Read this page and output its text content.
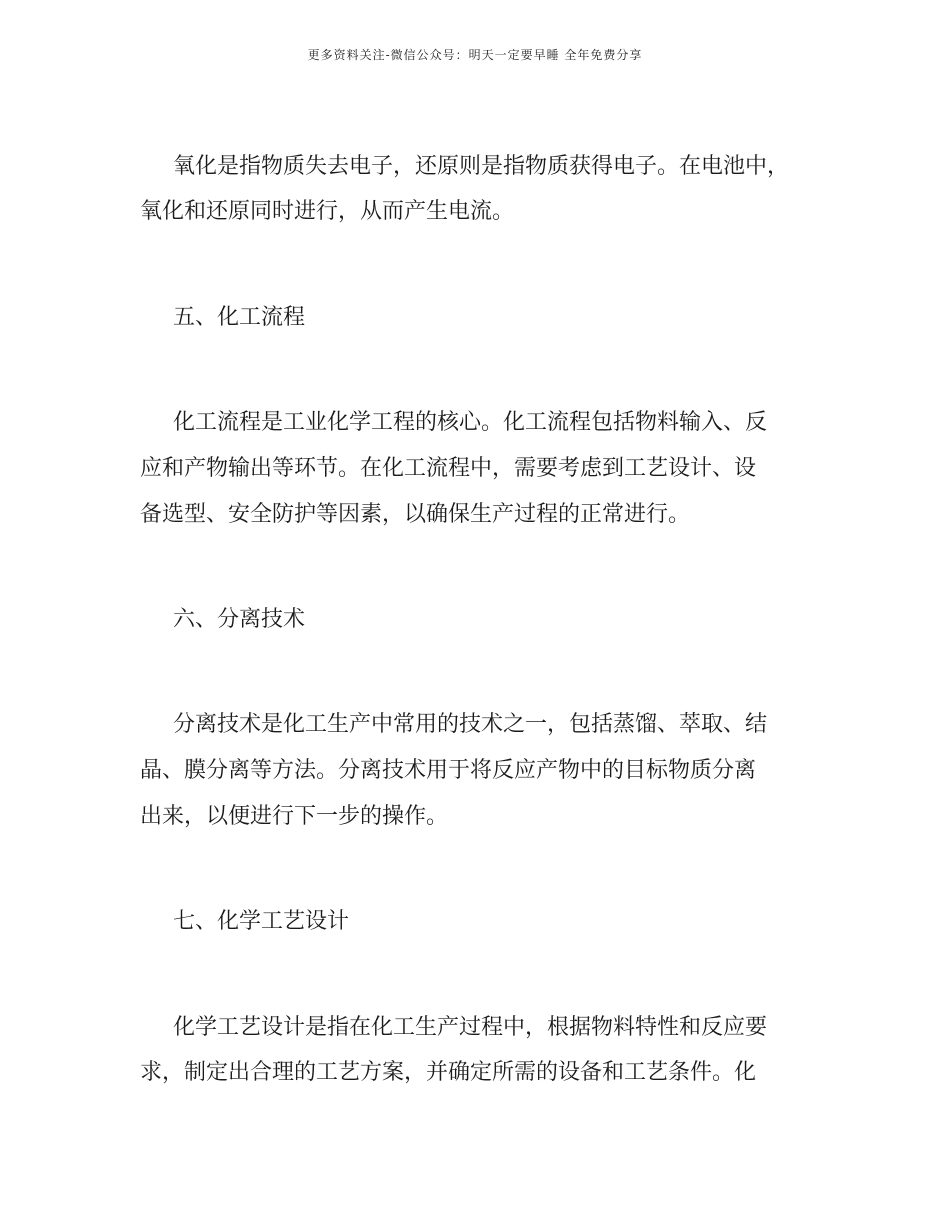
更多资料关注-微信公众号：明天一定要早睡 全年免费分享
氧化是指物质失去电子，还原则是指物质获得电子。在电池中，
氧化和还原同时进行，从而产生电流。
五、化工流程
化工流程是工业化学工程的核心。化工流程包括物料输入、反
应和产物输出等环节。在化工流程中，需要考虑到工艺设计、设
备选型、安全防护等因素，以确保生产过程的正常进行。
六、分离技术
分离技术是化工生产中常用的技术之一，包括蒸馏、萃取、结
晶、膜分离等方法。分离技术用于将反应产物中的目标物质分离
出来，以便进行下一步的操作。
七、化学工艺设计
化学工艺设计是指在化工生产过程中，根据物料特性和反应要
求，制定出合理的工艺方案，并确定所需的设备和工艺条件。化
